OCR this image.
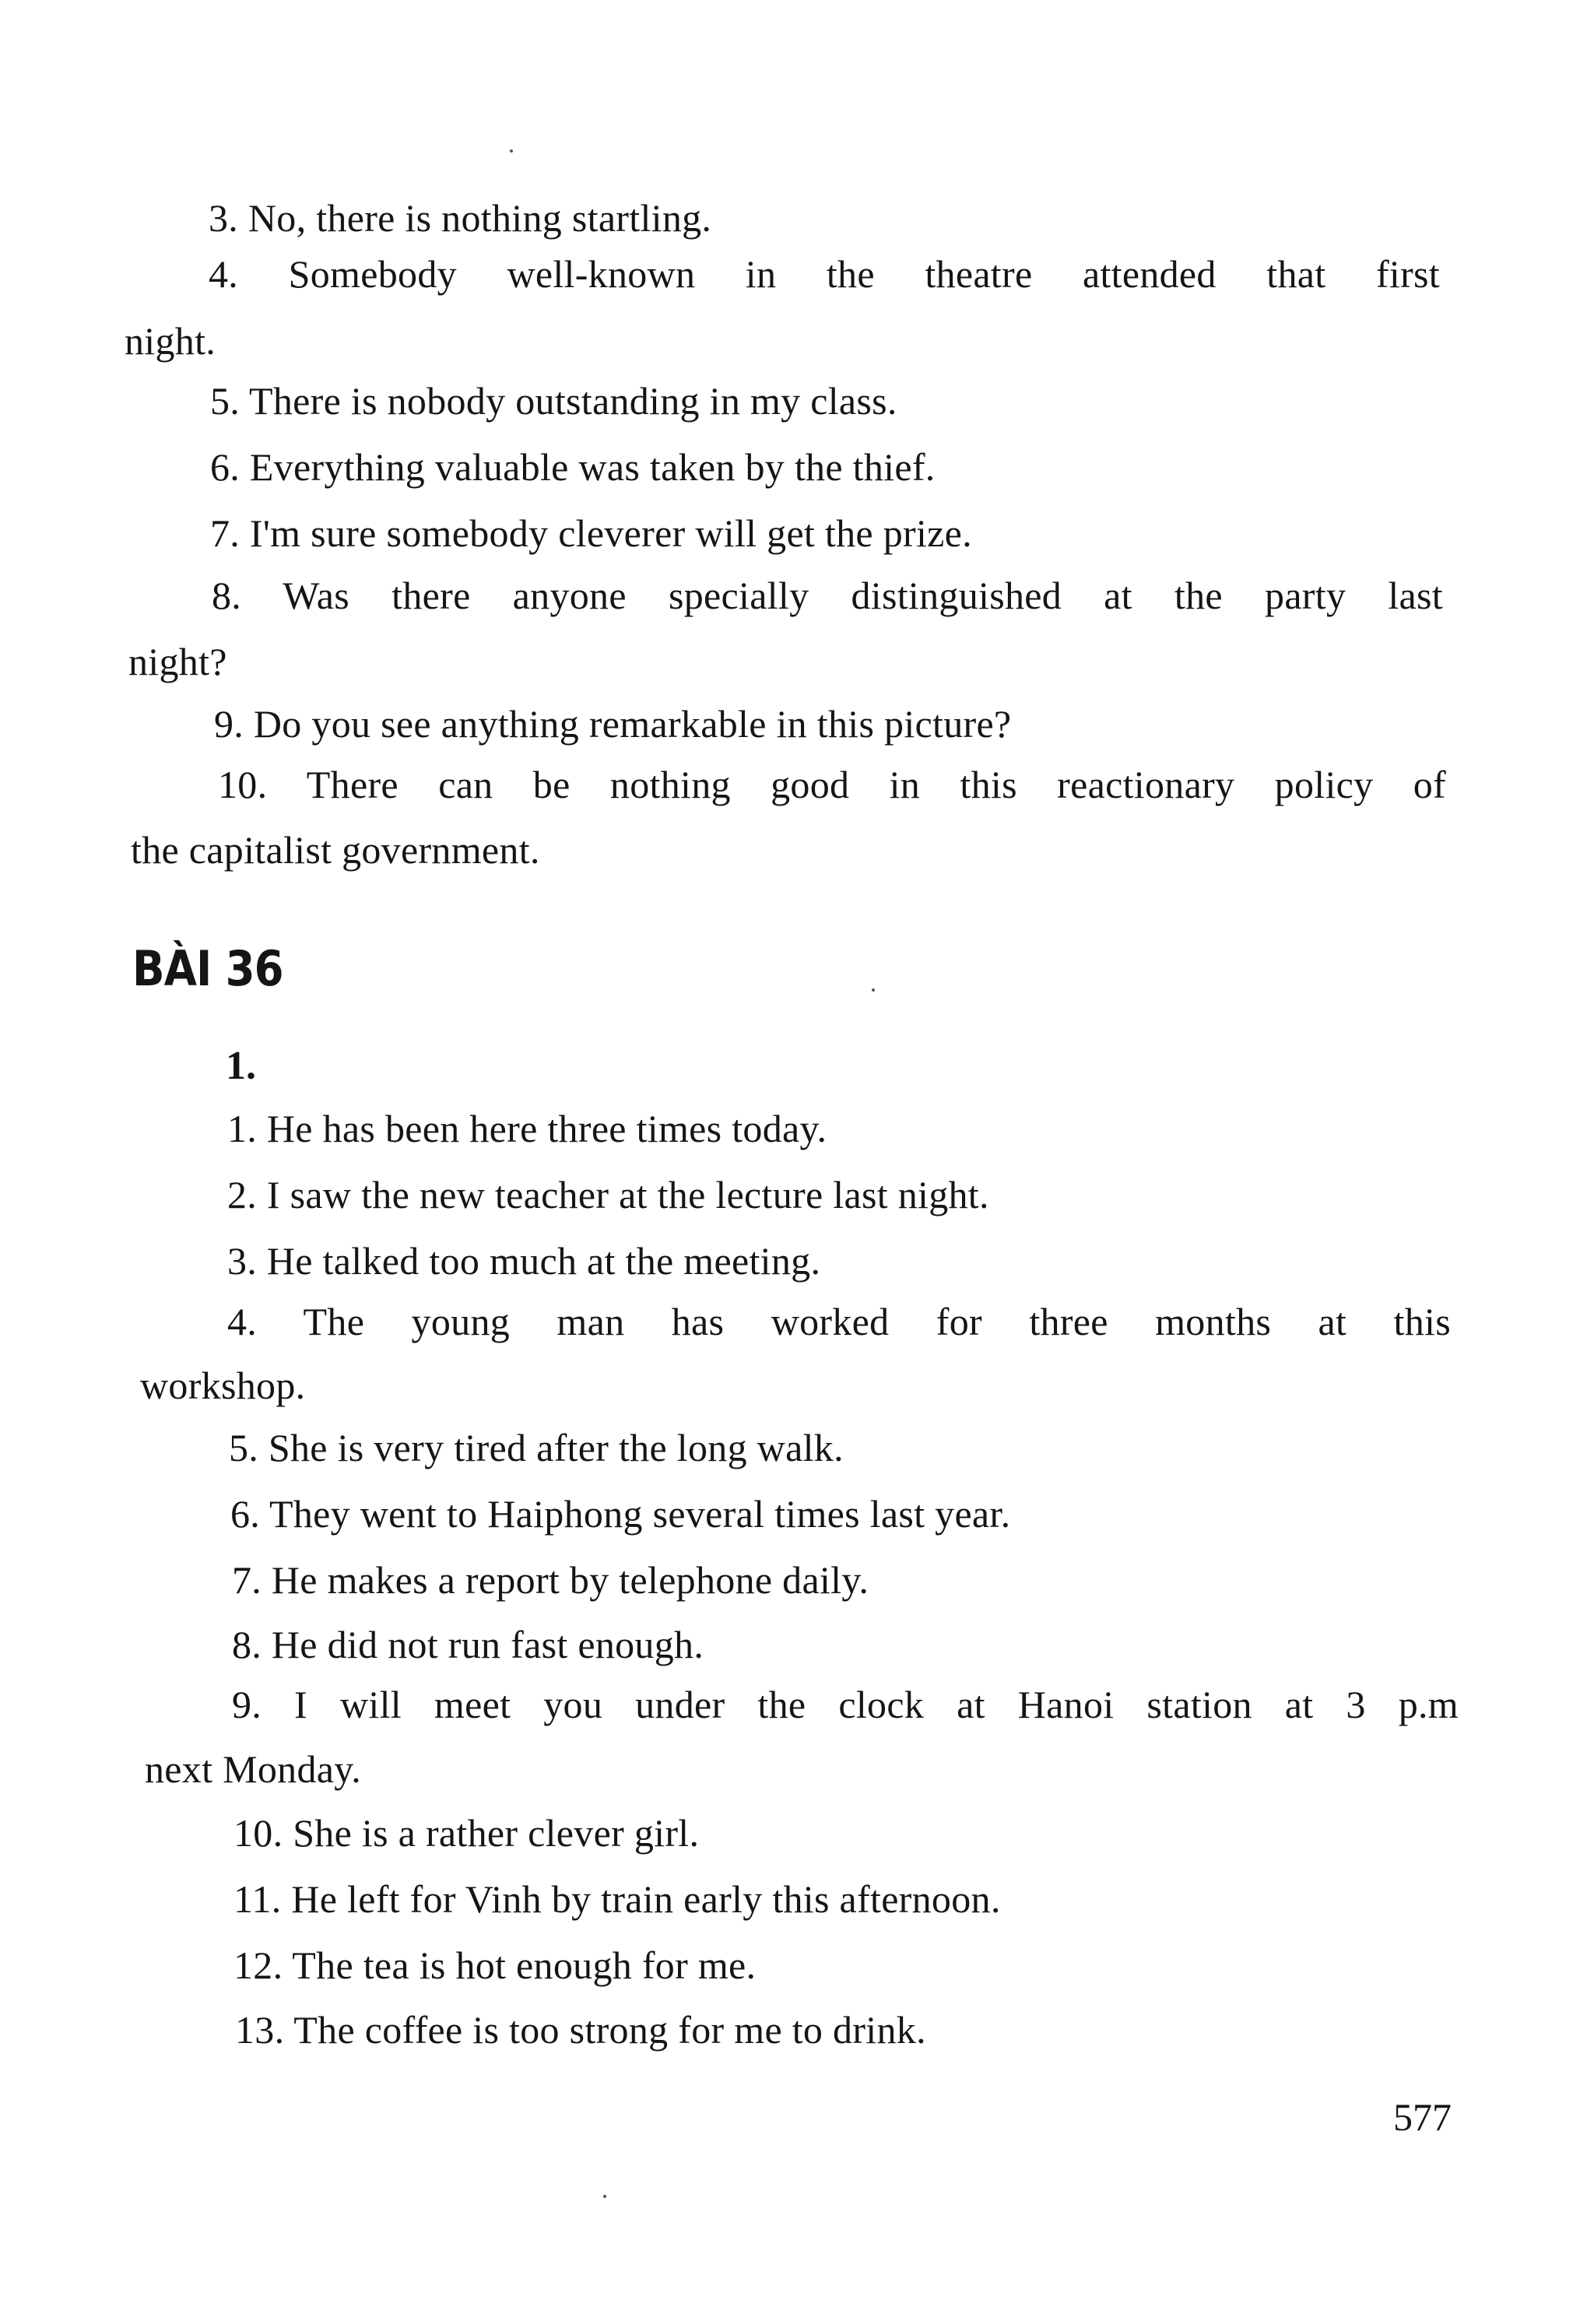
3. No, there is nothing startling.
4. Somebody well-known in the theatre attended that first
night.
5. There is nobody outstanding in my class.
6. Everything valuable was taken by the thief.
7. I'm sure somebody cleverer will get the prize.
8. Was there anyone specially distinguished at the party last
night?
9. Do you see anything remarkable in this picture?
10. There can be nothing good in this reactionary policy of
the capitalist government.
BÀI 36
1.
1. He has been here three times today.
2. I saw the new teacher at the lecture last night.
3. He talked too much at the meeting.
4. The young man has worked for three months at this
workshop.
5. She is very tired after the long walk.
6. They went to Haiphong several times last year.
7. He makes a report by telephone daily.
8. He did not run fast enough.
9. I will meet you under the clock at Hanoi station at 3 p.m
next Monday.
10. She is a rather clever girl.
11. He left for Vinh by train early this afternoon.
12. The tea is hot enough for me.
13. The coffee is too strong for me to drink.
577
